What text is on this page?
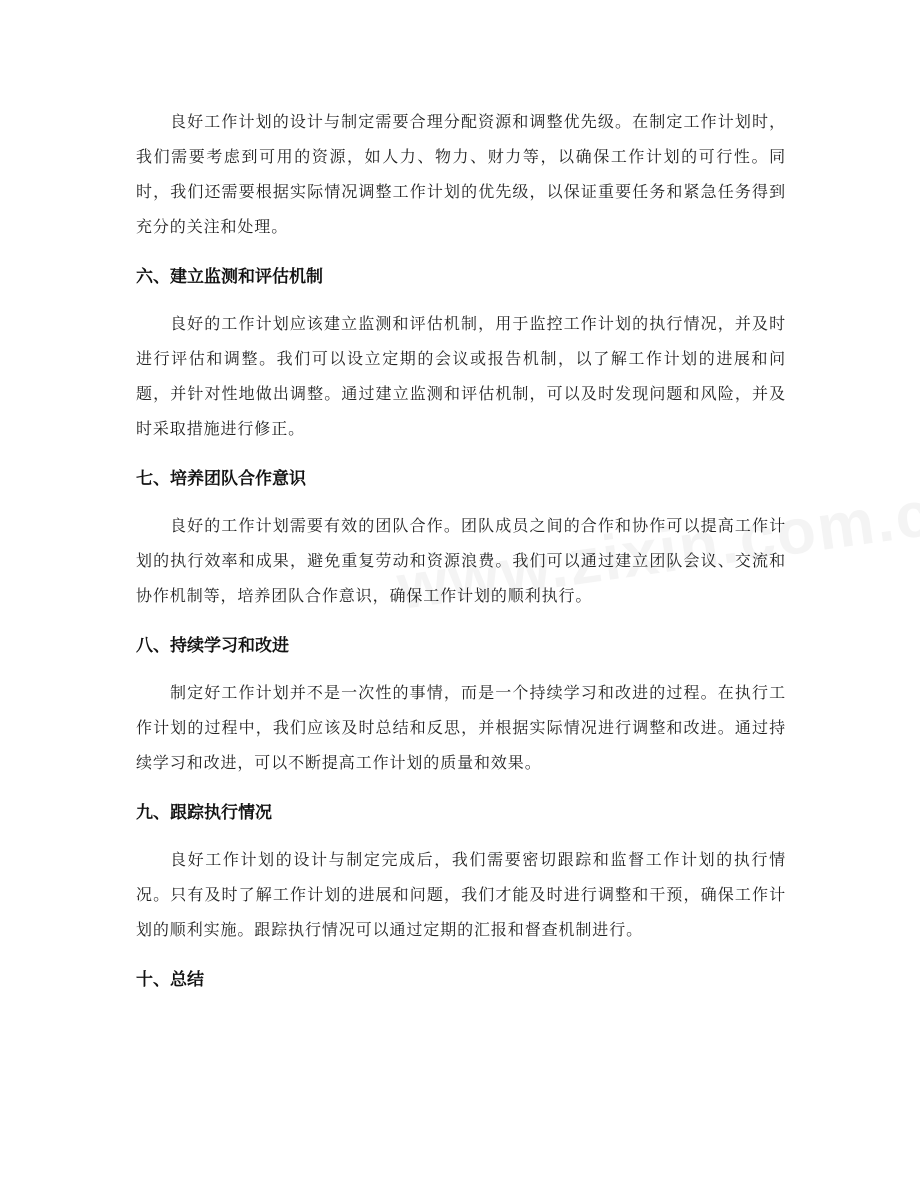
良好工作计划的设计与制定需要合理分配资源和调整优先级。在制定工作计划时，我们需要考虑到可用的资源，如人力、物力、财力等，以确保工作计划的可行性。同时，我们还需要根据实际情况调整工作计划的优先级，以保证重要任务和紧急任务得到充分的关注和处理。

六、建立监测和评估机制

良好的工作计划应该建立监测和评估机制，用于监控工作计划的执行情况，并及时进行评估和调整。我们可以设立定期的会议或报告机制，以了解工作计划的进展和问题，并针对性地做出调整。通过建立监测和评估机制，可以及时发现问题和风险，并及时采取措施进行修正。

七、培养团队合作意识

良好的工作计划需要有效的团队合作。团队成员之间的合作和协作可以提高工作计划的执行效率和成果，避免重复劳动和资源浪费。我们可以通过建立团队会议、交流和协作机制等，培养团队合作意识，确保工作计划的顺利执行。

八、持续学习和改进

制定好工作计划并不是一次性的事情，而是一个持续学习和改进的过程。在执行工作计划的过程中，我们应该及时总结和反思，并根据实际情况进行调整和改进。通过持续学习和改进，可以不断提高工作计划的质量和效果。

九、跟踪执行情况

良好工作计划的设计与制定完成后，我们需要密切跟踪和监督工作计划的执行情况。只有及时了解工作计划的进展和问题，我们才能及时进行调整和干预，确保工作计划的顺利实施。跟踪执行情况可以通过定期的汇报和督查机制进行。

十、总结
